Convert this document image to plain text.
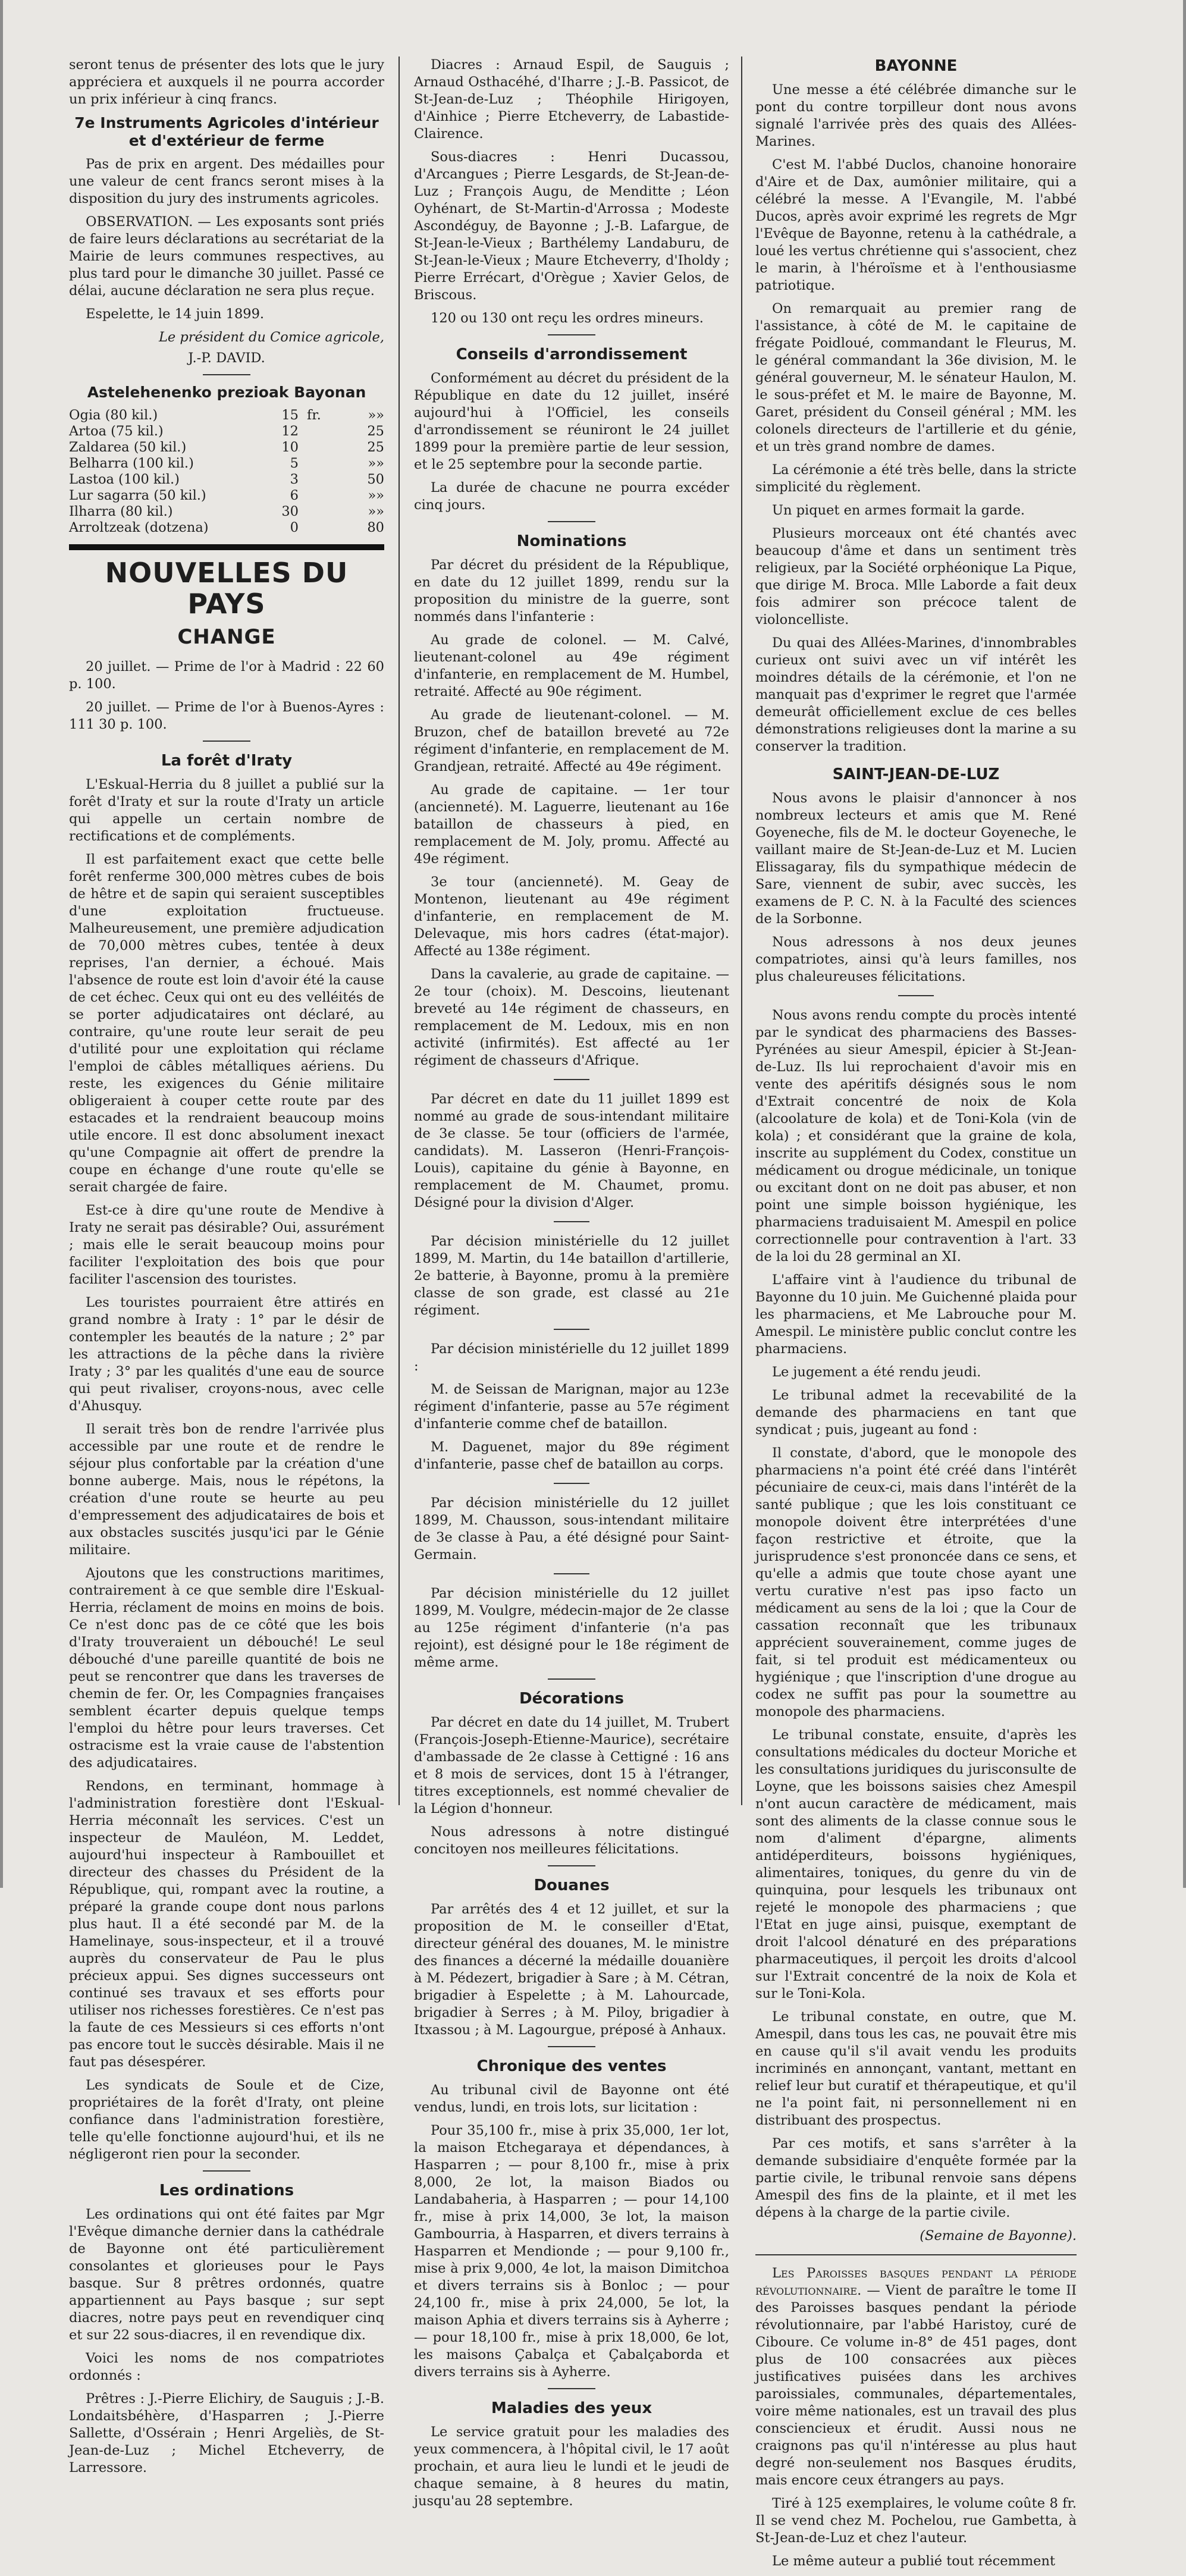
seront tenus de présenter des lots que le jury appréciera et auxquels il ne pourra accorder un prix inférieur à cinq francs.

7e Instruments Agricoles d'intérieur et d'extérieur de ferme

Pas de prix en argent. Des médailles pour une valeur de cent francs seront mises à la disposition du jury des instruments agricoles.

OBSERVATION. — Les exposants sont priés de faire leurs déclarations au secrétariat de la Mairie de leurs communes respectives, au plus tard pour le dimanche 30 juillet. Passé ce délai, aucune déclaration ne sera plus reçue.

Espelette, le 14 juin 1899.

Le président du Comice agricole,
J.-P. DAVID.
Astelehenenko prezioak Bayonan
Ogia (80 kil.)	15	fr.	»»
Artoa (75 kil.)	12		25
Zaldarea (50 kil.)	10		25
Belharra (100 kil.)	5		»»
Lastoa (100 kil.)	3		50
Lur sagarra (50 kil.)	6		»»
Ilharra (80 kil.)	30		»»
Arroltzeak (dotzena)	0		80
NOUVELLES DU PAYS
CHANGE

20 juillet. — Prime de l'or à Madrid : 22 60 p. 100.

20 juillet. — Prime de l'or à Buenos-Ayres : 111 30 p. 100.

La forêt d'Iraty

L'Eskual-Herria du 8 juillet a publié sur la forêt d'Iraty et sur la route d'Iraty un article qui appelle un certain nombre de rectifications et de compléments.

Il est parfaitement exact que cette belle forêt renferme 300,000 mètres cubes de bois de hêtre et de sapin qui seraient susceptibles d'une exploitation fructueuse. Malheureusement, une première adjudication de 70,000 mètres cubes, tentée à deux reprises, l'an dernier, a échoué. Mais l'absence de route est loin d'avoir été la cause de cet échec. Ceux qui ont eu des velléités de se porter adjudicataires ont déclaré, au contraire, qu'une route leur serait de peu d'utilité pour une exploitation qui réclame l'emploi de câbles métalliques aériens. Du reste, les exigences du Génie militaire obligeraient à couper cette route par des estacades et la rendraient beaucoup moins utile encore. Il est donc absolument inexact qu'une Compagnie ait offert de prendre la coupe en échange d'une route qu'elle se serait chargée de faire.

Est-ce à dire qu'une route de Mendive à Iraty ne serait pas désirable? Oui, assurément ; mais elle le serait beaucoup moins pour faciliter l'exploitation des bois que pour faciliter l'ascension des touristes.

Les touristes pourraient être attirés en grand nombre à Iraty : 1° par le désir de contempler les beautés de la nature ; 2° par les attractions de la pêche dans la rivière Iraty ; 3° par les qualités d'une eau de source qui peut rivaliser, croyons-nous, avec celle d'Ahusquy.

Il serait très bon de rendre l'arrivée plus accessible par une route et de rendre le séjour plus confortable par la création d'une bonne auberge. Mais, nous le répétons, la création d'une route se heurte au peu d'empressement des adjudicataires de bois et aux obstacles suscités jusqu'ici par le Génie militaire.

Ajoutons que les constructions maritimes, contrairement à ce que semble dire l'Eskual-Herria, réclament de moins en moins de bois. Ce n'est donc pas de ce côté que les bois d'Iraty trouveraient un débouché! Le seul débouché d'une pareille quantité de bois ne peut se rencontrer que dans les traverses de chemin de fer. Or, les Compagnies françaises semblent écarter depuis quelque temps l'emploi du hêtre pour leurs traverses. Cet ostracisme est la vraie cause de l'abstention des adjudicataires.

Rendons, en terminant, hommage à l'administration forestière dont l'Eskual-Herria méconnaît les services. C'est un inspecteur de Mauléon, M. Leddet, aujourd'hui inspecteur à Rambouillet et directeur des chasses du Président de la République, qui, rompant avec la routine, a préparé la grande coupe dont nous parlons plus haut. Il a été secondé par M. de la Hamelinaye, sous-inspecteur, et il a trouvé auprès du conservateur de Pau le plus précieux appui. Ses dignes successeurs ont continué ses travaux et ses efforts pour utiliser nos richesses forestières. Ce n'est pas la faute de ces Messieurs si ces efforts n'ont pas encore tout le succès désirable. Mais il ne faut pas désespérer.

Les syndicats de Soule et de Cize, propriétaires de la forêt d'Iraty, ont pleine confiance dans l'administration forestière, telle qu'elle fonctionne aujourd'hui, et ils ne négligeront rien pour la seconder.

Les ordinations

Les ordinations qui ont été faites par Mgr l'Evêque dimanche dernier dans la cathédrale de Bayonne ont été particulièrement consolantes et glorieuses pour le Pays basque. Sur 8 prêtres ordonnés, quatre appartiennent au Pays basque ; sur sept diacres, notre pays peut en revendiquer cinq et sur 22 sous-diacres, il en revendique dix.

Voici les noms de nos compatriotes ordonnés :

Prêtres : J.-Pierre Elichiry, de Sauguis ; J.-B. Londaitsbéhère, d'Hasparren ; J.-Pierre Sallette, d'Ossérain ; Henri Argeliès, de St-Jean-de-Luz ; Michel Etcheverry, de Larressore.

Diacres : Arnaud Espil, de Sauguis ; Arnaud Osthacéhé, d'Iharre ; J.-B. Passicot, de St-Jean-de-Luz ; Théophile Hirigoyen, d'Ainhice ; Pierre Etcheverry, de Labastide-Clairence.

Sous-diacres : Henri Ducassou, d'Arcangues ; Pierre Lesgards, de St-Jean-de-Luz ; François Augu, de Menditte ; Léon Oyhénart, de St-Martin-d'Arrossa ; Modeste Ascondéguy, de Bayonne ; J.-B. Lafargue, de St-Jean-le-Vieux ; Barthélemy Landaburu, de St-Jean-le-Vieux ; Maure Etcheverry, d'Iholdy ; Pierre Errécart, d'Orègue ; Xavier Gelos, de Briscous.

120 ou 130 ont reçu les ordres mineurs.

Conseils d'arrondissement

Conformément au décret du président de la République en date du 12 juillet, inséré aujourd'hui à l'Officiel, les conseils d'arrondissement se réuniront le 24 juillet 1899 pour la première partie de leur session, et le 25 septembre pour la seconde partie.

La durée de chacune ne pourra excéder cinq jours.

Nominations

Par décret du président de la République, en date du 12 juillet 1899, rendu sur la proposition du ministre de la guerre, sont nommés dans l'infanterie :

Au grade de colonel. — M. Calvé, lieutenant-colonel au 49e régiment d'infanterie, en remplacement de M. Humbel, retraité. Affecté au 90e régiment.

Au grade de lieutenant-colonel. — M. Bruzon, chef de bataillon breveté au 72e régiment d'infanterie, en remplacement de M. Grandjean, retraité. Affecté au 49e régiment.

Au grade de capitaine. — 1er tour (ancienneté). M. Laguerre, lieutenant au 16e bataillon de chasseurs à pied, en remplacement de M. Joly, promu. Affecté au 49e régiment.

3e tour (ancienneté). M. Geay de Montenon, lieutenant au 49e régiment d'infanterie, en remplacement de M. Delevaque, mis hors cadres (état-major). Affecté au 138e régiment.

Dans la cavalerie, au grade de capitaine. — 2e tour (choix). M. Descoins, lieutenant breveté au 14e régiment de chasseurs, en remplacement de M. Ledoux, mis en non activité (infirmités). Est affecté au 1er régiment de chasseurs d'Afrique.

Par décret en date du 11 juillet 1899 est nommé au grade de sous-intendant militaire de 3e classe. 5e tour (officiers de l'armée, candidats). M. Lasseron (Henri-François-Louis), capitaine du génie à Bayonne, en remplacement de M. Chaumet, promu. Désigné pour la division d'Alger.

Par décision ministérielle du 12 juillet 1899, M. Martin, du 14e bataillon d'artillerie, 2e batterie, à Bayonne, promu à la première classe de son grade, est classé au 21e régiment.

Par décision ministérielle du 12 juillet 1899 :

M. de Seissan de Marignan, major au 123e régiment d'infanterie, passe au 57e régiment d'infanterie comme chef de bataillon.

M. Daguenet, major du 89e régiment d'infanterie, passe chef de bataillon au corps.

Par décision ministérielle du 12 juillet 1899, M. Chausson, sous-intendant militaire de 3e classe à Pau, a été désigné pour Saint-Germain.

Par décision ministérielle du 12 juillet 1899, M. Voulgre, médecin-major de 2e classe au 125e régiment d'infanterie (n'a pas rejoint), est désigné pour le 18e régiment de même arme.

Décorations

Par décret en date du 14 juillet, M. Trubert (François-Joseph-Etienne-Maurice), secrétaire d'ambassade de 2e classe à Cettigné : 16 ans et 8 mois de services, dont 15 à l'étranger, titres exceptionnels, est nommé chevalier de la Légion d'honneur.

Nous adressons à notre distingué concitoyen nos meilleures félicitations.

Douanes

Par arrêtés des 4 et 12 juillet, et sur la proposition de M. le conseiller d'Etat, directeur général des douanes, M. le ministre des finances a décerné la médaille douanière à M. Pédezert, brigadier à Sare ; à M. Cétran, brigadier à Espelette ; à M. Lahourcade, brigadier à Serres ; à M. Piloy, brigadier à Itxassou ; à M. Lagourgue, préposé à Anhaux.

Chronique des ventes

Au tribunal civil de Bayonne ont été vendus, lundi, en trois lots, sur licitation :

Pour 35,100 fr., mise à prix 35,000, 1er lot, la maison Etchegaraya et dépendances, à Hasparren ; — pour 8,100 fr., mise à prix 8,000, 2e lot, la maison Biados ou Landabaheria, à Hasparren ; — pour 14,100 fr., mise à prix 14,000, 3e lot, la maison Gambourria, à Hasparren, et divers terrains à Hasparren et Mendionde ; — pour 9,100 fr., mise à prix 9,000, 4e lot, la maison Dimitchoa et divers terrains sis à Bonloc ; — pour 24,100 fr., mise à prix 24,000, 5e lot, la maison Aphia et divers terrains sis à Ayherre ; — pour 18,100 fr., mise à prix 18,000, 6e lot, les maisons Çabalça et Çabalçaborda et divers terrains sis à Ayherre.

Maladies des yeux

Le service gratuit pour les maladies des yeux commencera, à l'hôpital civil, le 17 août prochain, et aura lieu le lundi et le jeudi de chaque semaine, à 8 heures du matin, jusqu'au 28 septembre.

BAYONNE

Une messe a été célébrée dimanche sur le pont du contre torpilleur dont nous avons signalé l'arrivée près des quais des Allées-Marines.

C'est M. l'abbé Duclos, chanoine honoraire d'Aire et de Dax, aumônier militaire, qui a célébré la messe. A l'Evangile, M. l'abbé Ducos, après avoir exprimé les regrets de Mgr l'Evêque de Bayonne, retenu à la cathédrale, a loué les vertus chrétienne qui s'associent, chez le marin, à l'héroïsme et à l'enthousiasme patriotique.

On remarquait au premier rang de l'assistance, à côté de M. le capitaine de frégate Poidloué, commandant le Fleurus, M. le général commandant la 36e division, M. le général gouverneur, M. le sénateur Haulon, M. le sous-préfet et M. le maire de Bayonne, M. Garet, président du Conseil général ; MM. les colonels directeurs de l'artillerie et du génie, et un très grand nombre de dames.

La cérémonie a été très belle, dans la stricte simplicité du règlement.

Un piquet en armes formait la garde.

Plusieurs morceaux ont été chantés avec beaucoup d'âme et dans un sentiment très religieux, par la Société orphéonique La Pique, que dirige M. Broca. Mlle Laborde a fait deux fois admirer son précoce talent de violoncelliste.

Du quai des Allées-Marines, d'innombrables curieux ont suivi avec un vif intérêt les moindres détails de la cérémonie, et l'on ne manquait pas d'exprimer le regret que l'armée demeurât officiellement exclue de ces belles démonstrations religieuses dont la marine a su conserver la tradition.

SAINT-JEAN-DE-LUZ

Nous avons le plaisir d'annoncer à nos nombreux lecteurs et amis que M. René Goyeneche, fils de M. le docteur Goyeneche, le vaillant maire de St-Jean-de-Luz et M. Lucien Elissagaray, fils du sympathique médecin de Sare, viennent de subir, avec succès, les examens de P. C. N. à la Faculté des sciences de la Sorbonne.

Nous adressons à nos deux jeunes compatriotes, ainsi qu'à leurs familles, nos plus chaleureuses félicitations.

Nous avons rendu compte du procès intenté par le syndicat des pharmaciens des Basses-Pyrénées au sieur Amespil, épicier à St-Jean-de-Luz. Ils lui reprochaient d'avoir mis en vente des apéritifs désignés sous le nom d'Extrait concentré de noix de Kola (alcoolature de kola) et de Toni-Kola (vin de kola) ; et considérant que la graine de kola, inscrite au supplément du Codex, constitue un médicament ou drogue médicinale, un tonique ou excitant dont on ne doit pas abuser, et non point une simple boisson hygiénique, les pharmaciens traduisaient M. Amespil en police correctionnelle pour contravention à l'art. 33 de la loi du 28 germinal an XI.

L'affaire vint à l'audience du tribunal de Bayonne du 10 juin. Me Guichenné plaida pour les pharmaciens, et Me Labrouche pour M. Amespil. Le ministère public conclut contre les pharmaciens.

Le jugement a été rendu jeudi.

Le tribunal admet la recevabilité de la demande des pharmaciens en tant que syndicat ; puis, jugeant au fond :

Il constate, d'abord, que le monopole des pharmaciens n'a point été créé dans l'intérêt pécuniaire de ceux-ci, mais dans l'intérêt de la santé publique ; que les lois constituant ce monopole doivent être interprétées d'une façon restrictive et étroite, que la jurisprudence s'est prononcée dans ce sens, et qu'elle a admis que toute chose ayant une vertu curative n'est pas ipso facto un médicament au sens de la loi ; que la Cour de cassation reconnaît que les tribunaux apprécient souverainement, comme juges de fait, si tel produit est médicamenteux ou hygiénique ; que l'inscription d'une drogue au codex ne suffit pas pour la soumettre au monopole des pharmaciens.

Le tribunal constate, ensuite, d'après les consultations médicales du docteur Moriche et les consultations juridiques du jurisconsulte de Loyne, que les boissons saisies chez Amespil n'ont aucun caractère de médicament, mais sont des aliments de la classe connue sous le nom d'aliment d'épargne, aliments antidéperditeurs, boissons hygiéniques, alimentaires, toniques, du genre du vin de quinquina, pour lesquels les tribunaux ont rejeté le monopole des pharmaciens ; que l'Etat en juge ainsi, puisque, exemptant de droit l'alcool dénaturé en des préparations pharmaceutiques, il perçoit les droits d'alcool sur l'Extrait concentré de la noix de Kola et sur le Toni-Kola.

Le tribunal constate, en outre, que M. Amespil, dans tous les cas, ne pouvait être mis en cause qu'il s'il avait vendu les produits incriminés en annonçant, vantant, mettant en relief leur but curatif et thérapeutique, et qu'il ne l'a point fait, ni personnellement ni en distribuant des prospectus.

Par ces motifs, et sans s'arrêter à la demande subsidiaire d'enquête formée par la partie civile, le tribunal renvoie sans dépens Amespil des fins de la plainte, et il met les dépens à la charge de la partie civile.

(Semaine de Bayonne).

Les Paroisses basques pendant la période révolutionnaire. — Vient de paraître le tome II des Paroisses basques pendant la période révolutionnaire, par l'abbé Haristoy, curé de Ciboure. Ce volume in-8° de 451 pages, dont plus de 100 consacrées aux pièces justificatives puisées dans les archives paroissiales, communales, départementales, voire même nationales, est un travail des plus consciencieux et érudit. Aussi nous ne craignons pas qu'il n'intéresse au plus haut degré non-seulement nos Basques érudits, mais encore ceux étrangers au pays.

Tiré à 125 exemplaires, le volume coûte 8 fr. Il se vend chez M. Pochelou, rue Gambetta, à St-Jean-de-Luz et chez l'auteur.

Le même auteur a publié tout récemment
